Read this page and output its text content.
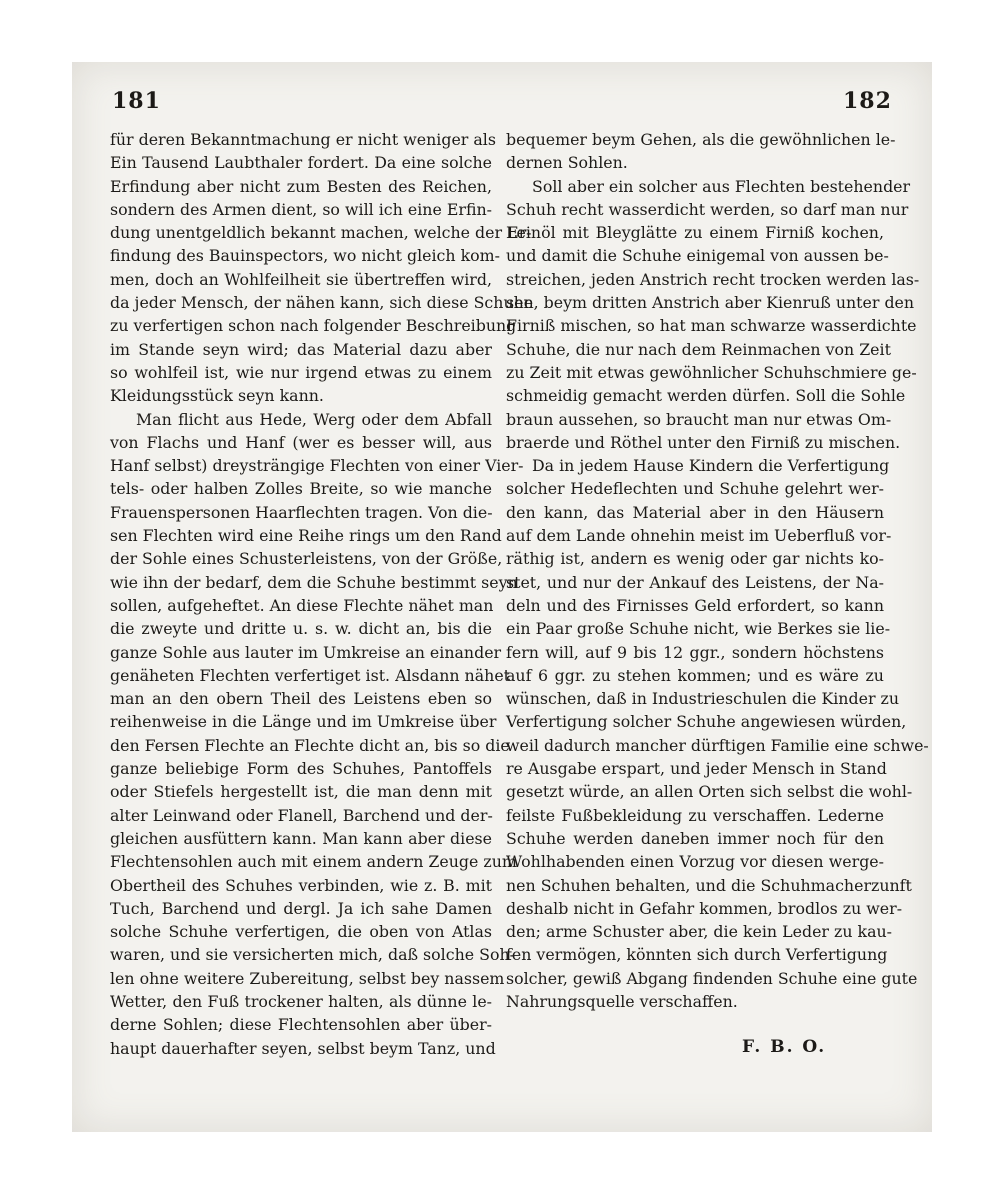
181	182
für deren Bekanntmachung er nicht weniger als
Ein Tausend Laubthaler fordert. Da eine solche
Erfindung aber nicht zum Besten des Reichen,
sondern des Armen dient, so will ich eine Erfin-
dung unentgeldlich bekannt machen, welche der Er-
findung des Bauinspectors, wo nicht gleich kom-
men, doch an Wohlfeilheit sie übertreffen wird,
da jeder Mensch, der nähen kann, sich diese Schuhe
zu verfertigen schon nach folgender Beschreibung
im Stande seyn wird; das Material dazu aber
so wohlfeil ist, wie nur irgend etwas zu einem
Kleidungsstück seyn kann.
Man flicht aus Hede, Werg oder dem Abfall
von Flachs und Hanf (wer es besser will, aus
Hanf selbst) dreysträngige Flechten von einer Vier-
tels- oder halben Zolles Breite, so wie manche
Frauenspersonen Haarflechten tragen. Von die-
sen Flechten wird eine Reihe rings um den Rand
der Sohle eines Schusterleistens, von der Größe,
wie ihn der bedarf, dem die Schuhe bestimmt seyn
sollen, aufgeheftet. An diese Flechte nähet man
die zweyte und dritte u. s. w. dicht an, bis die
ganze Sohle aus lauter im Umkreise an einander
genäheten Flechten verfertiget ist. Alsdann nähet
man an den obern Theil des Leistens eben so
reihenweise in die Länge und im Umkreise über
den Fersen Flechte an Flechte dicht an, bis so die
ganze beliebige Form des Schuhes, Pantoffels
oder Stiefels hergestellt ist, die man denn mit
alter Leinwand oder Flanell, Barchend und der-
gleichen ausfüttern kann. Man kann aber diese
Flechtensohlen auch mit einem andern Zeuge zum
Obertheil des Schuhes verbinden, wie z. B. mit
Tuch, Barchend und dergl. Ja ich sahe Damen
solche Schuhe verfertigen, die oben von Atlas
waren, und sie versicherten mich, daß solche Soh-
len ohne weitere Zubereitung, selbst bey nassem
Wetter, den Fuß trockener halten, als dünne le-
derne Sohlen; diese Flechtensohlen aber über-
haupt dauerhafter seyen, selbst beym Tanz, und
bequemer beym Gehen, als die gewöhnlichen le-
dernen Sohlen.
Soll aber ein solcher aus Flechten bestehender
Schuh recht wasserdicht werden, so darf man nur
Leinöl mit Bleyglätte zu einem Firniß kochen,
und damit die Schuhe einigemal von aussen be-
streichen, jeden Anstrich recht trocken werden las-
sen, beym dritten Anstrich aber Kienruß unter den
Firniß mischen, so hat man schwarze wasserdichte
Schuhe, die nur nach dem Reinmachen von Zeit
zu Zeit mit etwas gewöhnlicher Schuhschmiere ge-
schmeidig gemacht werden dürfen. Soll die Sohle
braun aussehen, so braucht man nur etwas Om-
braerde und Röthel unter den Firniß zu mischen.
Da in jedem Hause Kindern die Verfertigung
solcher Hedeflechten und Schuhe gelehrt wer-
den kann, das Material aber in den Häusern
auf dem Lande ohnehin meist im Ueberfluß vor-
räthig ist, andern es wenig oder gar nichts ko-
stet, und nur der Ankauf des Leistens, der Na-
deln und des Firnisses Geld erfordert, so kann
ein Paar große Schuhe nicht, wie Berkes sie lie-
fern will, auf 9 bis 12 ggr., sondern höchstens
auf 6 ggr. zu stehen kommen; und es wäre zu
wünschen, daß in Industrieschulen die Kinder zu
Verfertigung solcher Schuhe angewiesen würden,
weil dadurch mancher dürftigen Familie eine schwe-
re Ausgabe erspart, und jeder Mensch in Stand
gesetzt würde, an allen Orten sich selbst die wohl-
feilste Fußbekleidung zu verschaffen. Lederne
Schuhe werden daneben immer noch für den
Wohlhabenden einen Vorzug vor diesen werge-
nen Schuhen behalten, und die Schuhmacherzunft
deshalb nicht in Gefahr kommen, brodlos zu wer-
den; arme Schuster aber, die kein Leder zu kau-
fen vermögen, könnten sich durch Verfertigung
solcher, gewiß Abgang findenden Schuhe eine gute
Nahrungsquelle verschaffen.
F. B. O.
